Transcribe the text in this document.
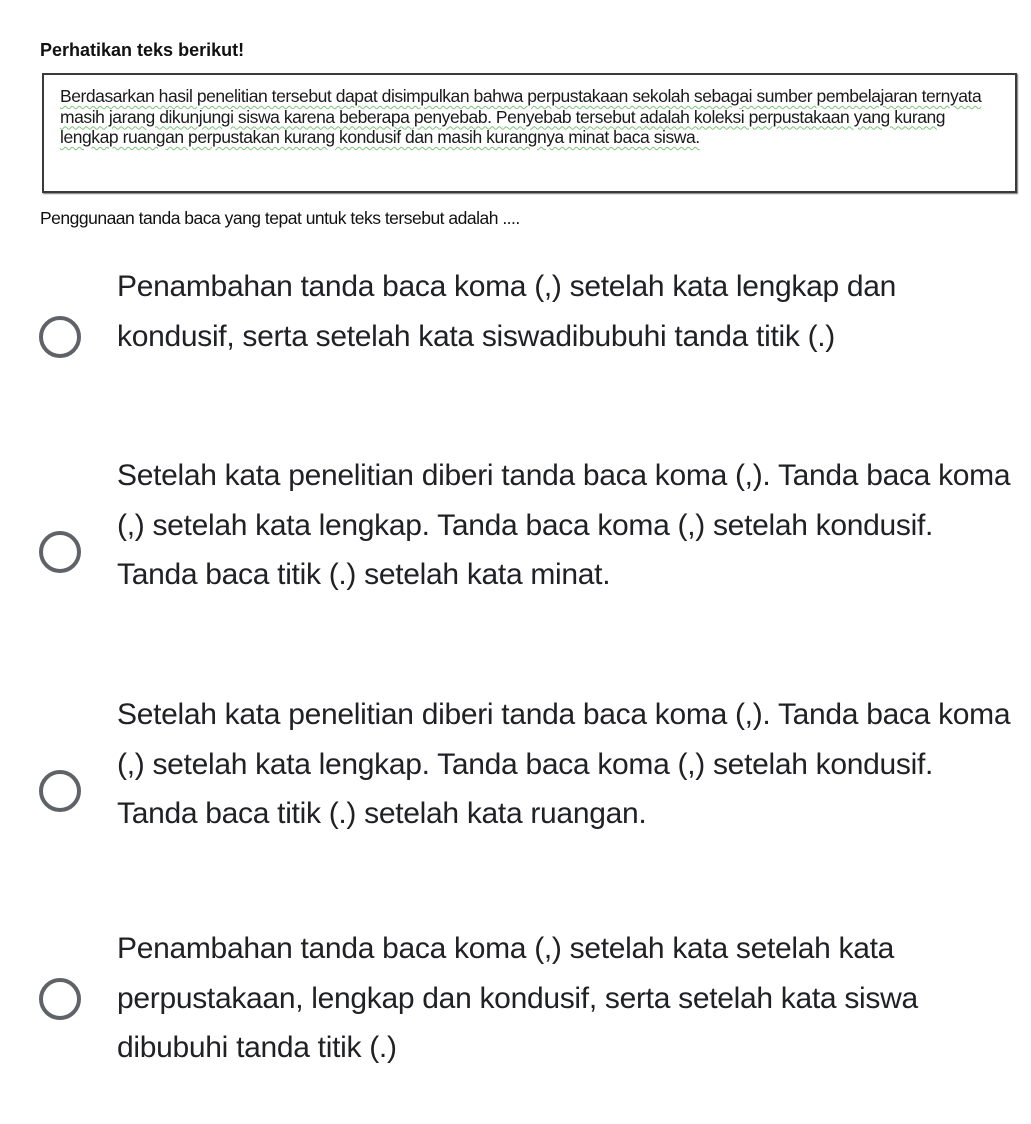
Perhatikan teks berikut!
Berdasarkan hasil penelitian tersebut dapat disimpulkan bahwa perpustakaan sekolah sebagai sumber pembelajaran ternyata masih jarang dikunjungi siswa karena beberapa penyebab. Penyebab tersebut adalah koleksi perpustakaan yang kurang lengkap ruangan perpustakan kurang kondusif dan masih kurangnya minat baca siswa.
Penggunaan tanda baca yang tepat untuk teks tersebut adalah ....
Penambahan tanda baca koma (,) setelah kata lengkap dan kondusif, serta setelah kata siswadibubuhi tanda titik (.)
Setelah kata penelitian diberi tanda baca koma (,). Tanda baca koma (,) setelah kata lengkap. Tanda baca koma (,) setelah kondusif. Tanda baca titik (.) setelah kata minat.
Setelah kata penelitian diberi tanda baca koma (,). Tanda baca koma (,) setelah kata lengkap. Tanda baca koma (,) setelah kondusif. Tanda baca titik (.) setelah kata ruangan.
Penambahan tanda baca koma (,) setelah kata setelah kata perpustakaan, lengkap dan kondusif, serta setelah kata siswa dibubuhi tanda titik (.)
